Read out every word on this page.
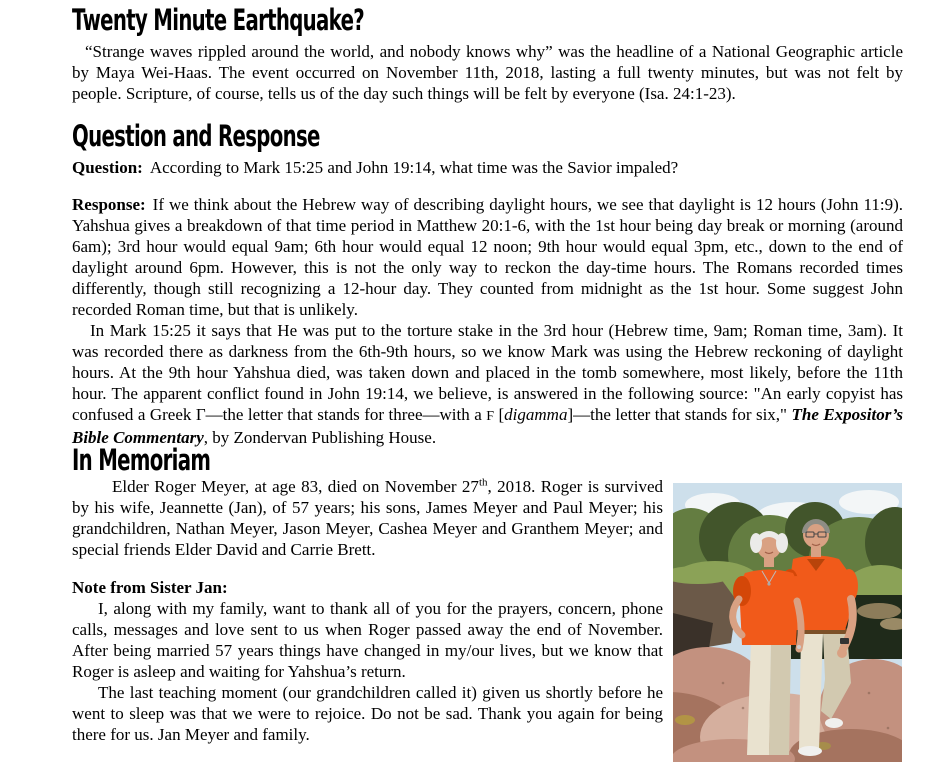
Twenty Minute Earthquake?

“Strange waves rippled around the world, and nobody knows why” was the headline of a National Geographic article by Maya Wei-Haas. The event occurred on November 11th, 2018, lasting a full twenty minutes, but was not felt by people. Scripture, of course, tells us of the day such things will be felt by everyone (Isa. 24:1-23).

Question and Response

Question: According to Mark 15:25 and John 19:14, what time was the Savior impaled?

Response: If we think about the Hebrew way of describing daylight hours, we see that daylight is 12 hours (John 11:9). Yahshua gives a breakdown of that time period in Matthew 20:1-6, with the 1st hour being day break or morning (around 6am); 3rd hour would equal 9am; 6th hour would equal 12 noon; 9th hour would equal 3pm, etc., down to the end of daylight around 6pm. However, this is not the only way to reckon the day-time hours. The Romans recorded times differently, though still recognizing a 12-hour day. They counted from midnight as the 1st hour. Some suggest John recorded Roman time, but that is unlikely.

In Mark 15:25 it says that He was put to the torture stake in the 3rd hour (Hebrew time, 9am; Roman time, 3am). It was recorded there as darkness from the 6th-9th hours, so we know Mark was using the Hebrew reckoning of daylight hours. At the 9th hour Yahshua died, was taken down and placed in the tomb somewhere, most likely, before the 11th hour. The apparent conflict found in John 19:14, we believe, is answered in the following source: "An early copyist has confused a Greek Γ—the letter that stands for three—with a Ϝ [digamma]—the letter that stands for six," The Expositor’s Bible Commentary, by Zondervan Publishing House.

In Memoriam

Elder Roger Meyer, at age 83, died on November 27th, 2018. Roger is survived by his wife, Jeannette (Jan), of 57 years; his sons, James Meyer and Paul Meyer; his grandchildren, Nathan Meyer, Jason Meyer, Cashea Meyer and Granthem Meyer; and special friends Elder David and Carrie Brett.

Note from Sister Jan:

I, along with my family, want to thank all of you for the prayers, concern, phone calls, messages and love sent to us when Roger passed away the end of November. After being married 57 years things have changed in my/our lives, but we know that Roger is asleep and waiting for Yahshua’s return.

The last teaching moment (our grandchildren called it) given us shortly before he went to sleep was that we were to rejoice. Do not be sad. Thank you again for being there for us. Jan Meyer and family.
